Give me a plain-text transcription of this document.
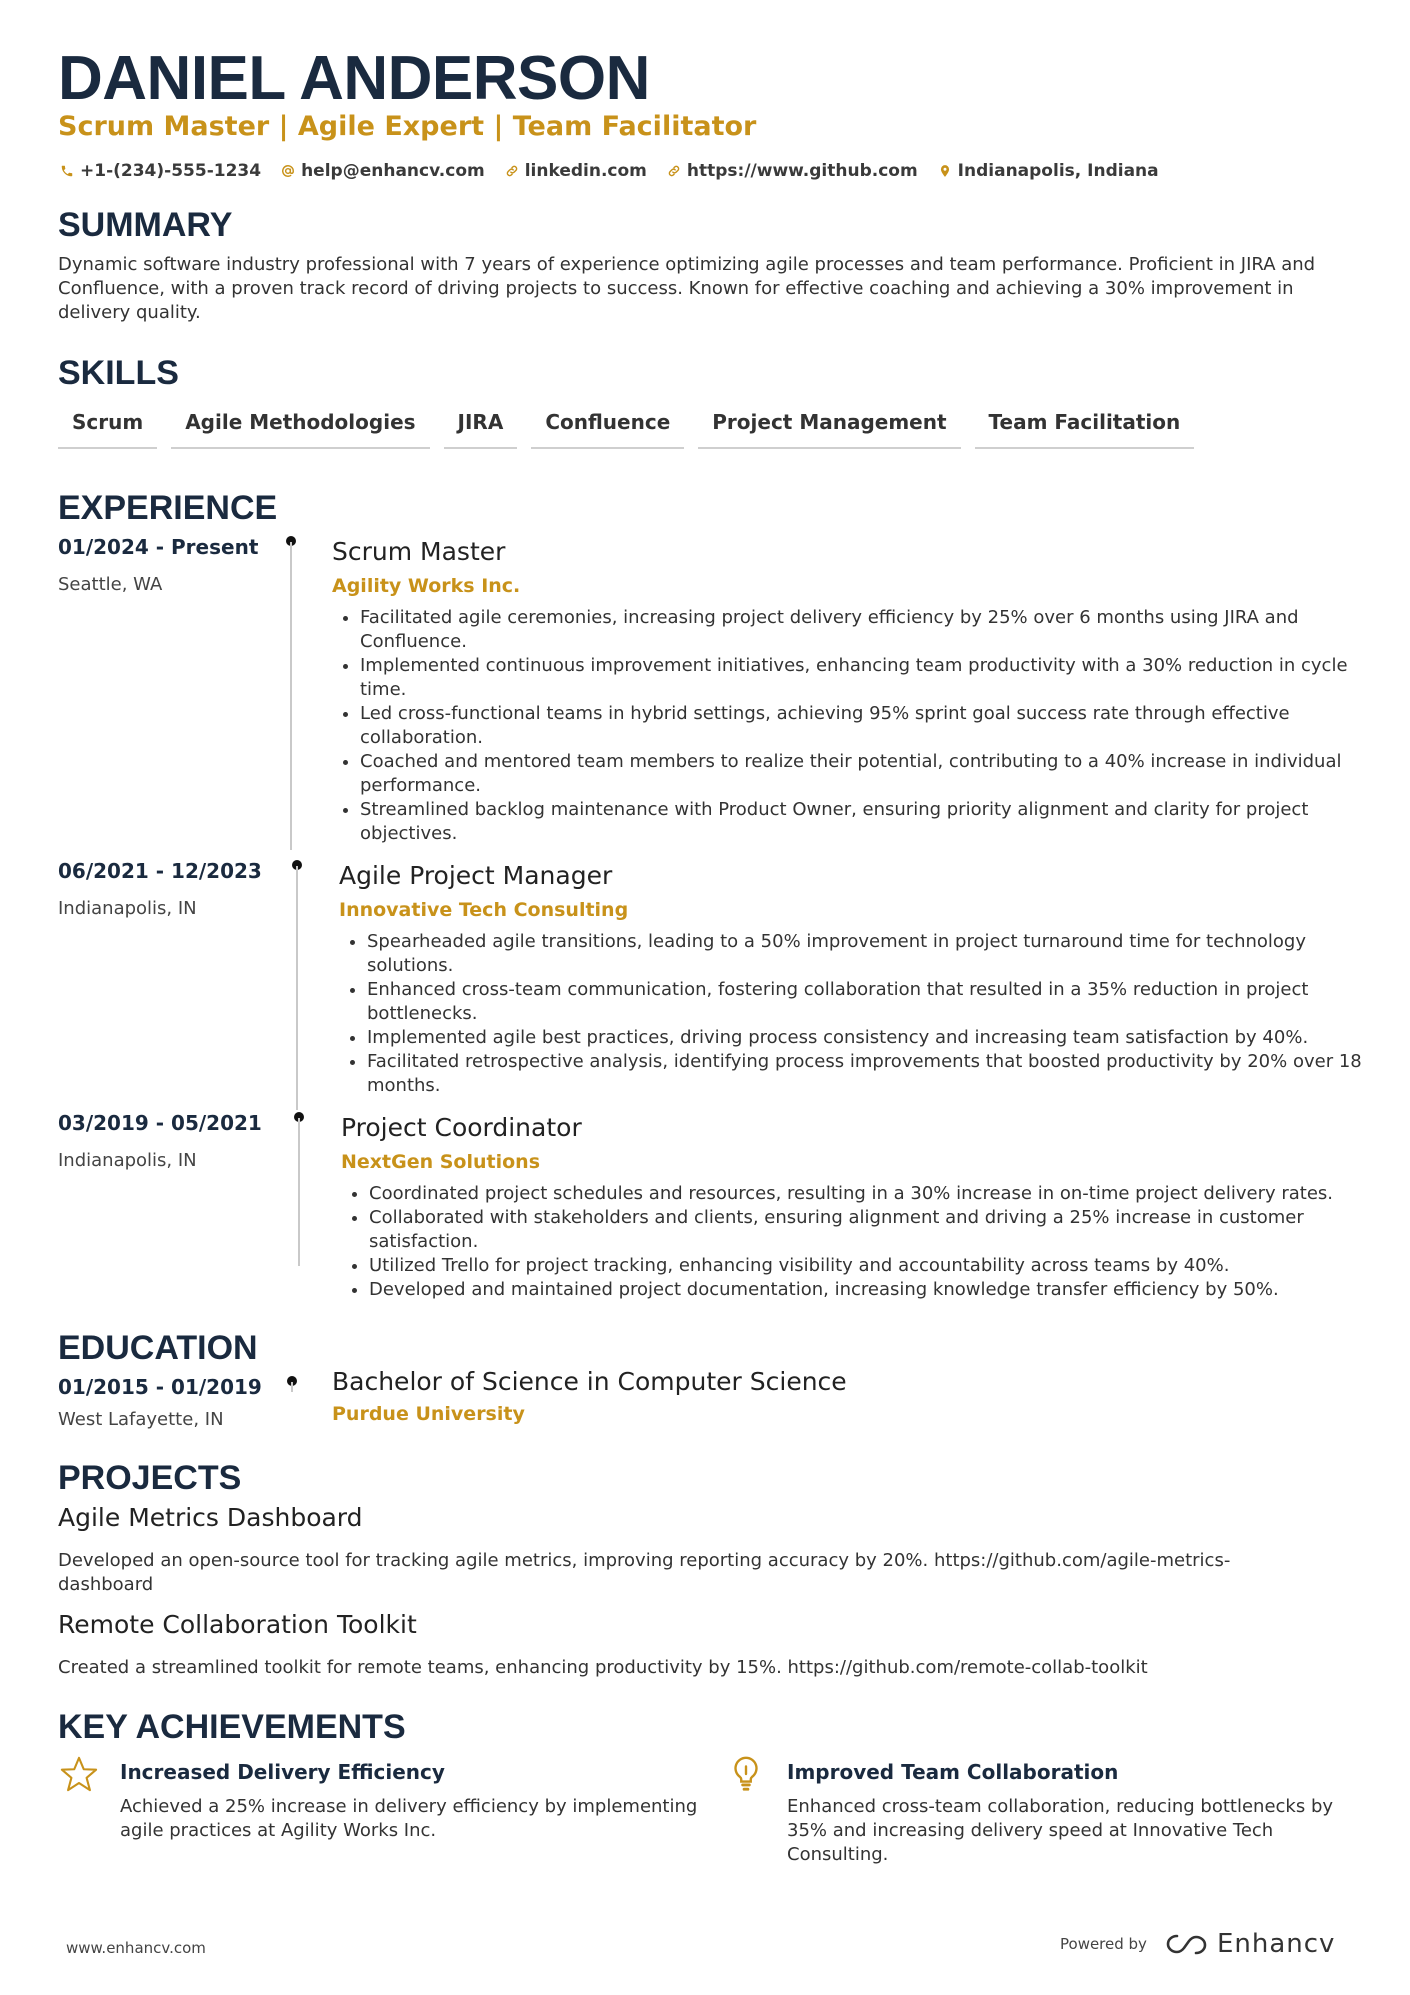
DANIEL ANDERSON
Scrum Master | Agile Expert | Team Facilitator
+1-(234)-555-1234 help@enhancv.com linkedin.com https://www.github.com Indianapolis, Indiana
SUMMARY

Dynamic software industry professional with 7 years of experience optimizing agile processes and team performance. Proficient in JIRA and Confluence, with a proven track record of driving projects to success. Known for effective coaching and achieving a 30% improvement in delivery quality.

SKILLS
Scrum	Agile Methodologies	JIRA	Confluence	Project Management	Team Facilitation
EXPERIENCE
01/2024 - Present
Seattle, WA
Scrum Master
Agility Works Inc.
• Facilitated agile ceremonies, increasing project delivery efficiency by 25% over 6 months using JIRA and Confluence.
• Implemented continuous improvement initiatives, enhancing team productivity with a 30% reduction in cycle time.
• Led cross-functional teams in hybrid settings, achieving 95% sprint goal success rate through effective collaboration.
• Coached and mentored team members to realize their potential, contributing to a 40% increase in individual performance.
• Streamlined backlog maintenance with Product Owner, ensuring priority alignment and clarity for project objectives.
06/2021 - 12/2023
Indianapolis, IN
Agile Project Manager
Innovative Tech Consulting
• Spearheaded agile transitions, leading to a 50% improvement in project turnaround time for technology solutions.
• Enhanced cross-team communication, fostering collaboration that resulted in a 35% reduction in project bottlenecks.
• Implemented agile best practices, driving process consistency and increasing team satisfaction by 40%.
• Facilitated retrospective analysis, identifying process improvements that boosted productivity by 20% over 18 months.
03/2019 - 05/2021
Indianapolis, IN
Project Coordinator
NextGen Solutions
• Coordinated project schedules and resources, resulting in a 30% increase in on-time project delivery rates.
• Collaborated with stakeholders and clients, ensuring alignment and driving a 25% increase in customer satisfaction.
• Utilized Trello for project tracking, enhancing visibility and accountability across teams by 40%.
• Developed and maintained project documentation, increasing knowledge transfer efficiency by 50%.
EDUCATION
01/2015 - 01/2019
West Lafayette, IN
Bachelor of Science in Computer Science
Purdue University
PROJECTS
Agile Metrics Dashboard

Developed an open-source tool for tracking agile metrics, improving reporting accuracy by 20%. https://github.com/agile-metrics-dashboard

Remote Collaboration Toolkit

Created a streamlined toolkit for remote teams, enhancing productivity by 15%. https://github.com/remote-collab-toolkit

KEY ACHIEVEMENTS
Increased Delivery Efficiency

Achieved a 25% increase in delivery efficiency by implementing agile practices at Agility Works Inc.

Improved Team Collaboration

Enhanced cross-team collaboration, reducing bottlenecks by 35% and increasing delivery speed at Innovative Tech Consulting.

www.enhancv.com	Powered by	Enhancv
